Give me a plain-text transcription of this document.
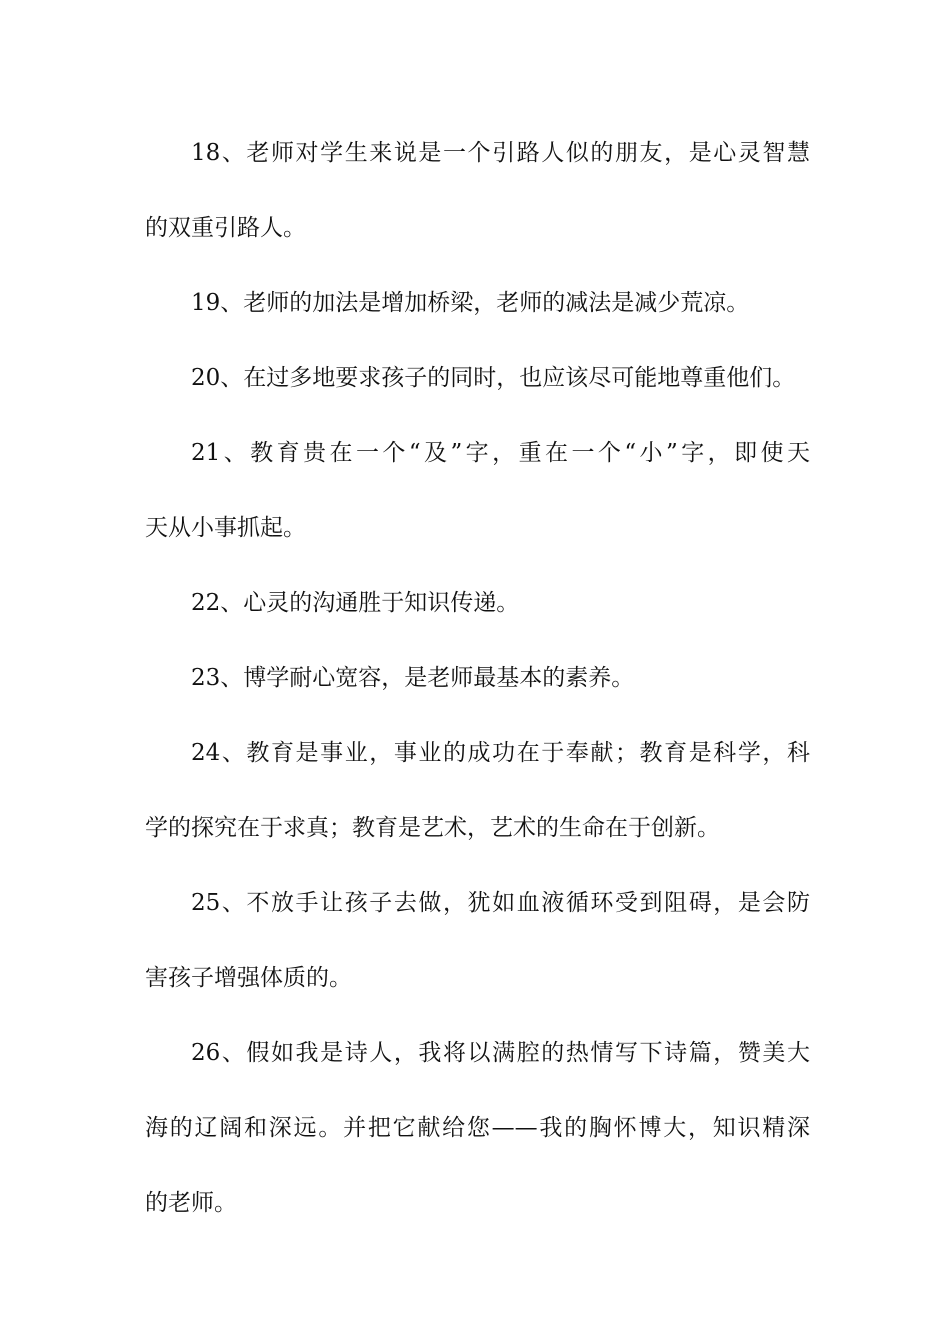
18、老师对学生来说是一个引路人似的朋友，是心灵智慧
的双重引路人。
19、老师的加法是增加桥梁，老师的减法是减少荒凉。
20、在过多地要求孩子的同时，也应该尽可能地尊重他们。
21、教育贵在一个“及”字，重在一个“小”字，即使天
天从小事抓起。
22、心灵的沟通胜于知识传递。
23、博学耐心宽容，是老师最基本的素养。
24、教育是事业，事业的成功在于奉献；教育是科学，科
学的探究在于求真；教育是艺术，艺术的生命在于创新。
25、不放手让孩子去做，犹如血液循环受到阻碍，是会防
害孩子增强体质的。
26、假如我是诗人，我将以满腔的热情写下诗篇，赞美大
海的辽阔和深远。并把它献给您——我的胸怀博大，知识精深
的老师。
